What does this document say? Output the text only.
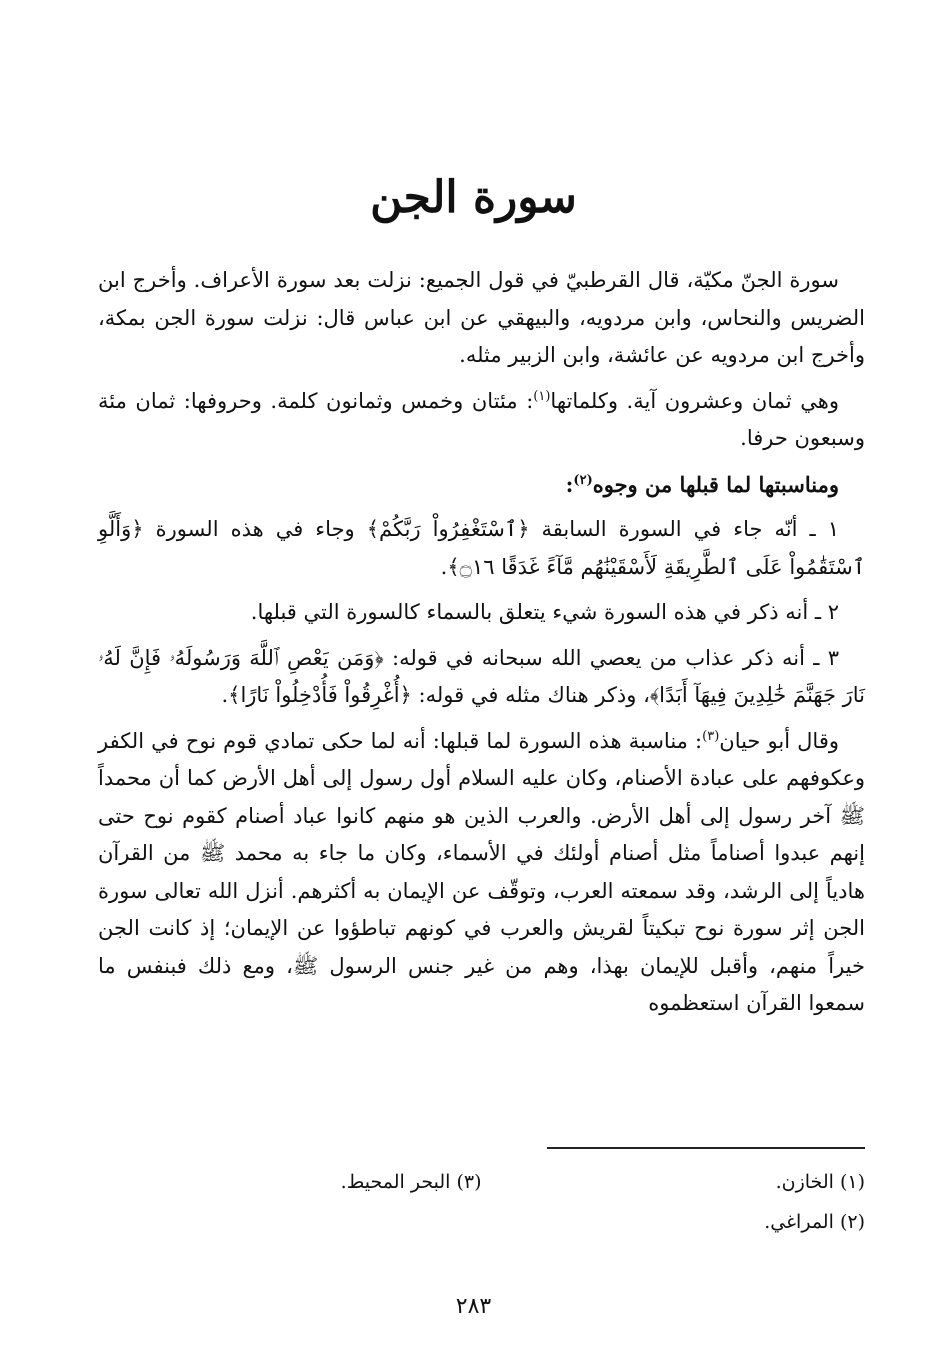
سورة الجن

سورة الجنّ مكيّة، قال القرطبيّ في قول الجميع: نزلت بعد سورة الأعراف. وأخرج ابن الضريس والنحاس، وابن مردويه، والبيهقي عن ابن عباس قال: نزلت سورة الجن بمكة، وأخرج ابن مردويه عن عائشة، وابن الزبير مثله.

وهي ثمان وعشرون آية. وكلماتها$^{(١)}$: مئتان وخمس وثمانون كلمة. وحروفها: ثمان مئة وسبعون حرفا.

ومناسبتها لما قبلها من وجوه$^{(٢)}$:

١ ـ أنّه جاء في السورة السابقة ﴿ٱسْتَغْفِرُواْ رَبَّكُمْ﴾ وجاء في هذه السورة ﴿وَأَلَّوِ ٱسْتَقَٰمُواْ عَلَى ٱلطَّرِيقَةِ لَأَسْقَيْنَٰهُم مَّآءً غَدَقًا ۝١٦﴾.

٢ ـ أنه ذكر في هذه السورة شيء يتعلق بالسماء كالسورة التي قبلها.

٣ ـ أنه ذكر عذاب من يعصي الله سبحانه في قوله: ﴿وَمَن يَعْصِ ٱللَّهَ وَرَسُولَهُۥ فَإِنَّ لَهُۥ نَارَ جَهَنَّمَ خَٰلِدِينَ فِيهَآ أَبَدًا﴾، وذكر هناك مثله في قوله: ﴿أُغْرِقُواْ فَأُدْخِلُواْ نَارًا﴾.

وقال أبو حيان$^{(٣)}$: مناسبة هذه السورة لما قبلها: أنه لما حكى تمادي قوم نوح في الكفر وعكوفهم على عبادة الأصنام، وكان عليه السلام أول رسول إلى أهل الأرض كما أن محمداً ﷺ آخر رسول إلى أهل الأرض. والعرب الذين هو منهم كانوا عباد أصنام كقوم نوح حتى إنهم عبدوا أصناماً مثل أصنام أولئك في الأسماء، وكان ما جاء به محمد ﷺ من القرآن هادياً إلى الرشد، وقد سمعته العرب، وتوقّف عن الإيمان به أكثرهم. أنزل الله تعالى سورة الجن إثر سورة نوح تبكيتاً لقريش والعرب في كونهم تباطؤوا عن الإيمان؛ إذ كانت الجن خيراً منهم، وأقبل للإيمان بهذا، وهم من غير جنس الرسول ﷺ، ومع ذلك فبنفس ما سمعوا القرآن استعظموه

(١) الخازن.
(٣) البحر المحيط.
(٢) المراغي.
٢٨٣
